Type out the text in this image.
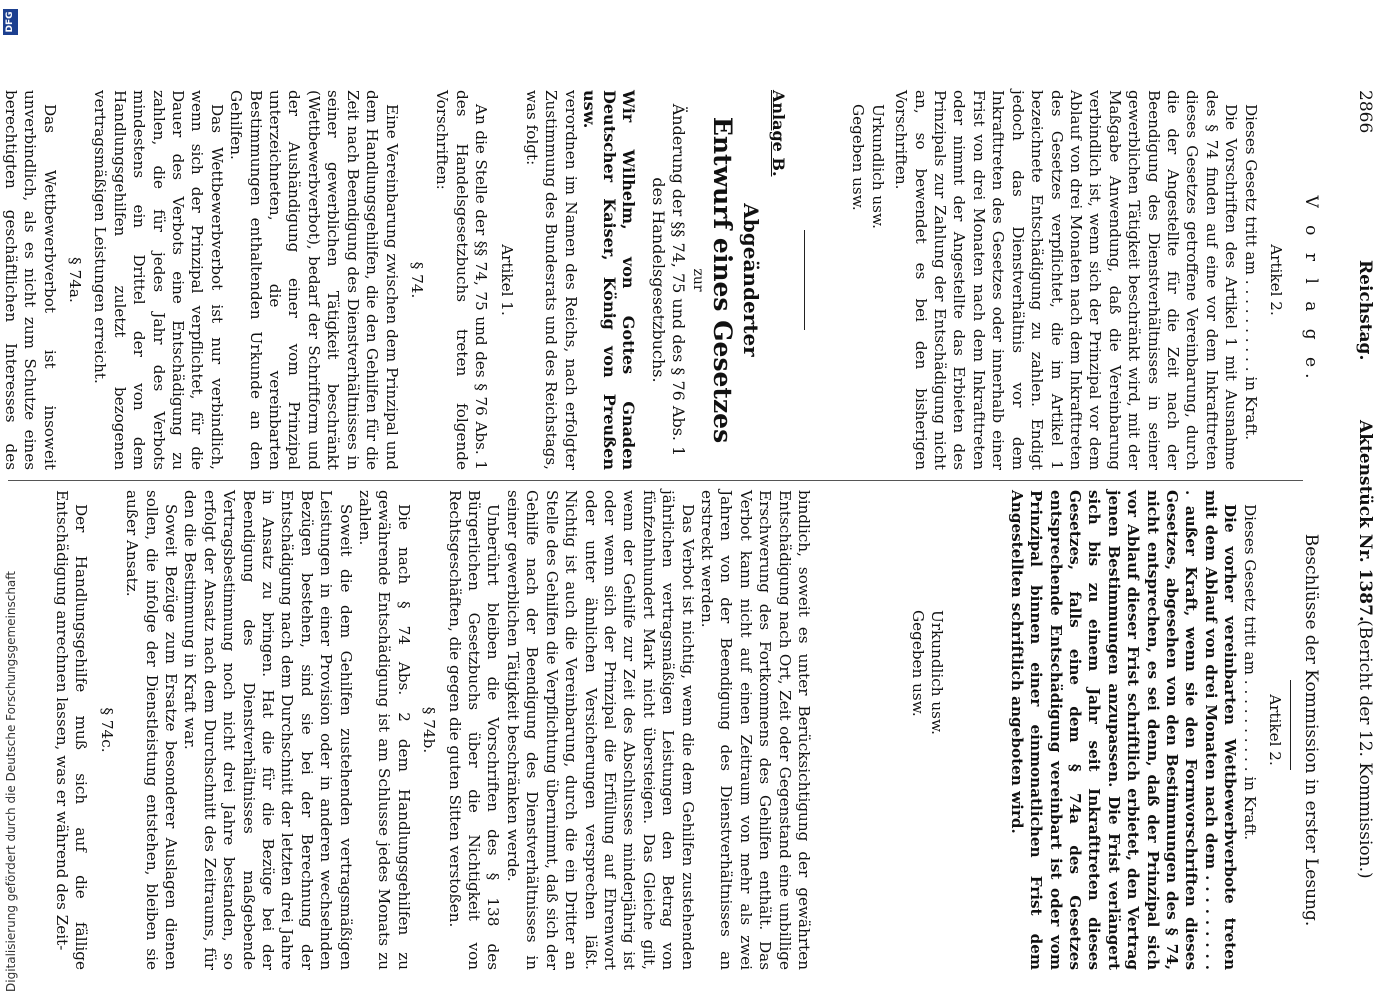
2866
Reichstag.
Aktenstück Nr. 1387.
(Bericht der 12. Kommission.)
V o r l a g e.
Beschlüsse der Kommission in erster Lesung.

Artikel 2.

Dieses Gesetz tritt am . . . . . . . . . . in Kraft.

Die Vorschriften des Artikel 1 mit Ausnahme des § 74 finden auf eine vor dem Inkrafttreten dieses Gesetzes getroffene Vereinbarung, durch die der Angestellte für die Zeit nach der Beendigung des Dienstverhältnisses in seiner gewerblichen Tätigkeit beschränkt wird, mit der Maßgabe Anwendung, daß die Vereinbarung verbindlich ist, wenn sich der Prinzipal vor dem Ablauf von drei Monaten nach dem Inkrafttreten des Gesetzes verpflichtet, die im Artikel 1 bezeichnete Entschädigung zu zahlen. Endigt jedoch das Dienstverhältnis vor dem Inkrafttreten des Gesetzes oder innerhalb einer Frist von drei Monaten nach dem Inkrafttreten oder nimmt der Angestellte das Erbieten des Prinzipals zur Zahlung der Entschädigung nicht an, so bewendet es bei den bisherigen Vorschriften.

Urkundlich usw.

Gegeben usw.

Artikel 2.

Dieses Gesetz tritt am . . . . . . . . . . in Kraft.

Die vorher vereinbarten Wettbewerbverbote treten mit dem Ablauf von drei Monaten nach dem . . . . . . . . . . außer Kraft, wenn sie den Formvorschriften dieses Gesetzes, abgesehen von den Bestimmungen des § 74, nicht entsprechen, es sei denn, daß der Prinzipal sich vor Ablauf dieser Frist schriftlich erbietet, den Vertrag jenen Bestimmungen anzupassen. Die Frist verlängert sich bis zu einem Jahr seit Inkrafttreten dieses Gesetzes, falls eine dem § 74a des Gesetzes entsprechende Entschädigung vereinbart ist oder vom Prinzipal binnen einer einmonatlichen Frist dem Angestellten schriftlich angeboten wird.

Urkundlich usw.

Gegeben usw.

Anlage B.
Abgeänderter
Entwurf eines Gesetzes
zur
Änderung der §§ 74, 75 und des § 76 Abs. 1 des Handelsgesetzbuchs.

Wir Wilhelm, von Gottes Gnaden Deutscher Kaiser, König von Preußen usw.

verordnen im Namen des Reichs, nach erfolgter Zustimmung des Bundesrats und des Reichstags, was folgt:

Artikel 1.

An die Stelle der §§ 74, 75 und des § 76 Abs. 1 des Handelsgesetzbuchs treten folgende Vorschriften:

§ 74.

Eine Vereinbarung zwischen dem Prinzipal und dem Handlungsgehilfen, die den Gehilfen für die Zeit nach Beendigung des Dienstverhältnisses in seiner gewerblichen Tätigkeit beschränkt (Wettbewerbverbot), bedarf der Schriftform und der Aushändigung einer vom Prinzipal unterzeichneten, die vereinbarten Bestimmungen enthaltenden Urkunde an den Gehilfen.

Das Wettbewerbverbot ist nur verbindlich, wenn sich der Prinzipal verpflichtet, für die Dauer des Verbots eine Entschädigung zu zahlen, die für jedes Jahr des Verbots mindestens ein Drittel der von dem Handlungsgehilfen zuletzt bezogenen vertragsmäßigen Leistungen erreicht.

§ 74a.

Das Wettbewerbverbot ist insoweit unverbindlich, als es nicht zum Schutze eines berechtigten geschäftlichen Interesses des

bindlich, soweit es unter Berücksichtigung der gewährten Entschädigung nach Ort, Zeit oder Gegenstand eine unbillige Erschwerung des Fortkommens des Gehilfen enthält. Das Verbot kann nicht auf einen Zeitraum von mehr als zwei Jahren von der Beendigung des Dienstverhältnisses an erstreckt werden.

Das Verbot ist nichtig, wenn die dem Gehilfen zustehenden jährlichen vertragsmäßigen Leistungen den Betrag von fünfzehnhundert Mark nicht übersteigen. Das Gleiche gilt, wenn der Gehilfe zur Zeit des Abschlusses minderjährig ist oder wenn sich der Prinzipal die Erfüllung auf Ehrenwort oder unter ähnlichen Versicherungen versprechen läßt. Nichtig ist auch die Vereinbarung, durch die ein Dritter an Stelle des Gehilfen die Verpflichtung übernimmt, daß sich der Gehilfe nach der Beendigung des Dienstverhältnisses in seiner gewerblichen Tätigkeit beschränken werde.

Unberührt bleiben die Vorschriften des § 138 des Bürgerlichen Gesetzbuchs über die Nichtigkeit von Rechtsgeschäften, die gegen die guten Sitten verstoßen.

§ 74b.

Die nach § 74 Abs. 2 dem Handlungsgehilfen zu gewährende Entschädigung ist am Schlusse jedes Monats zu zahlen.

Soweit die dem Gehilfen zustehenden vertragsmäßigen Leistungen in einer Provision oder in anderen wechselnden Bezügen bestehen, sind sie bei der Berechnung der Entschädigung nach dem Durchschnitt der letzten drei Jahre in Ansatz zu bringen. Hat die für die Bezüge bei der Beendigung des Dienstverhältnisses maßgebende Vertragsbestimmung noch nicht drei Jahre bestanden, so erfolgt der Ansatz nach dem Durchschnitt des Zeitraums, für den die Bestimmung in Kraft war.

Soweit Bezüge zum Ersatze besonderer Auslagen dienen sollen, die infolge der Dienstleistung entstehen, bleiben sie außer Ansatz.

§ 74c.

Der Handlungsgehilfe muß sich auf die fällige Entschädigung anrechnen lassen, was er während des Zeit-

Digitalisierung gefördert durch die Deutsche Forschungsgemeinschaft
DFG
